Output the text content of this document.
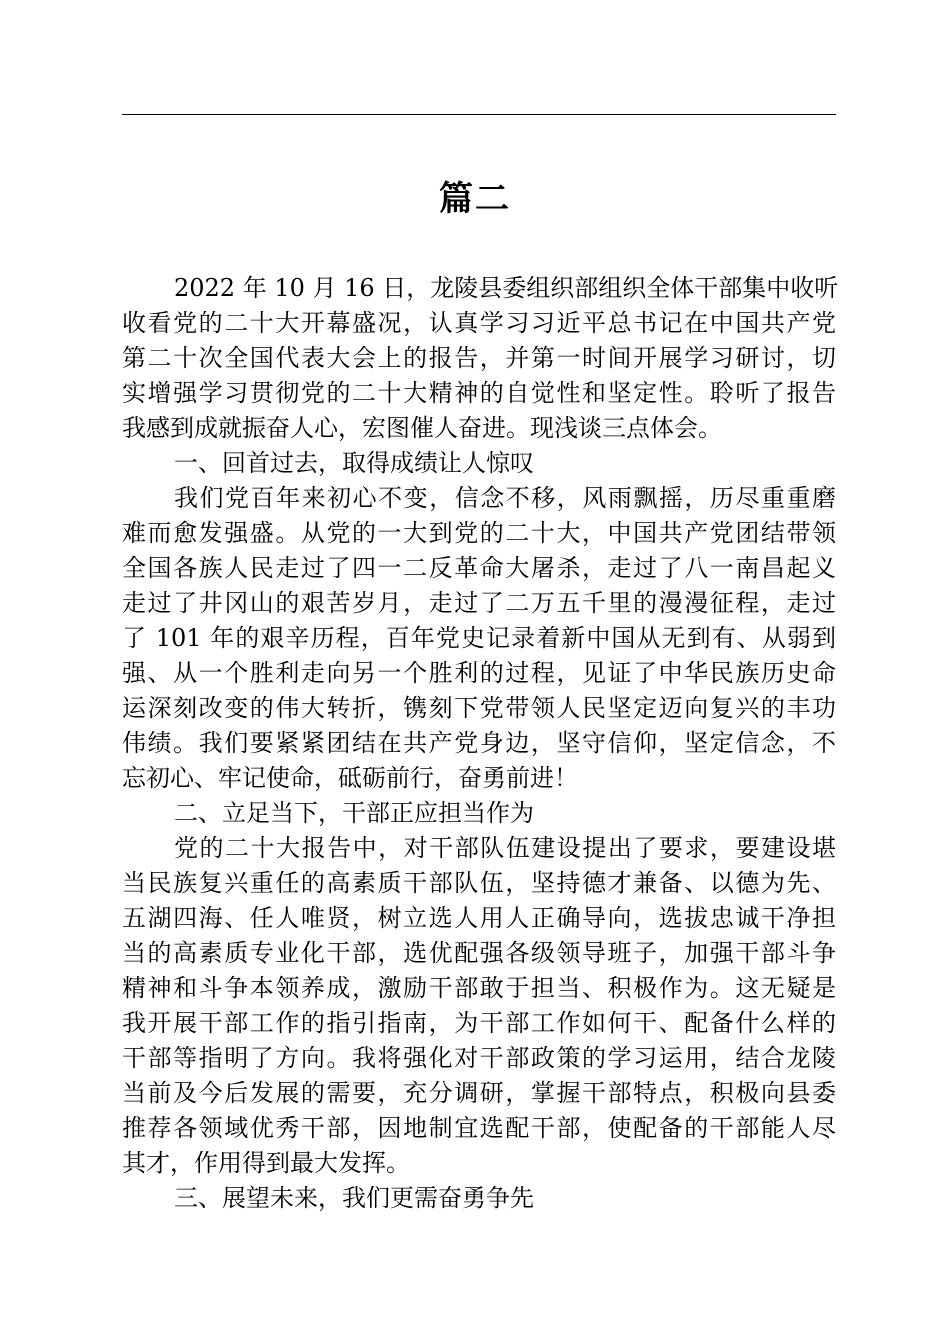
篇二
2022 年 10 月 16 日，龙陵县委组织部组织全体干部集中收听
收看党的二十大开幕盛况，认真学习习近平总书记在中国共产党
第二十次全国代表大会上的报告，并第一时间开展学习研讨，切
实增强学习贯彻党的二十大精神的自觉性和坚定性。聆听了报告
我感到成就振奋人心，宏图催人奋进。现浅谈三点体会。
一、回首过去，取得成绩让人惊叹
我们党百年来初心不变，信念不移，风雨飘摇，历尽重重磨
难而愈发强盛。从党的一大到党的二十大，中国共产党团结带领
全国各族人民走过了四一二反革命大屠杀，走过了八一南昌起义
走过了井冈山的艰苦岁月，走过了二万五千里的漫漫征程，走过
了 101 年的艰辛历程，百年党史记录着新中国从无到有、从弱到
强、从一个胜利走向另一个胜利的过程，见证了中华民族历史命
运深刻改变的伟大转折，镌刻下党带领人民坚定迈向复兴的丰功
伟绩。我们要紧紧团结在共产党身边，坚守信仰，坚定信念，不
忘初心、牢记使命，砥砺前行，奋勇前进！
二、立足当下，干部正应担当作为
党的二十大报告中，对干部队伍建设提出了要求，要建设堪
当民族复兴重任的高素质干部队伍，坚持德才兼备、以德为先、
五湖四海、任人唯贤，树立选人用人正确导向，选拔忠诚干净担
当的高素质专业化干部，选优配强各级领导班子，加强干部斗争
精神和斗争本领养成，激励干部敢于担当、积极作为。这无疑是
我开展干部工作的指引指南，为干部工作如何干、配备什么样的
干部等指明了方向。我将强化对干部政策的学习运用，结合龙陵
当前及今后发展的需要，充分调研，掌握干部特点，积极向县委
推荐各领域优秀干部，因地制宜选配干部，使配备的干部能人尽
其才，作用得到最大发挥。
三、展望未来，我们更需奋勇争先
